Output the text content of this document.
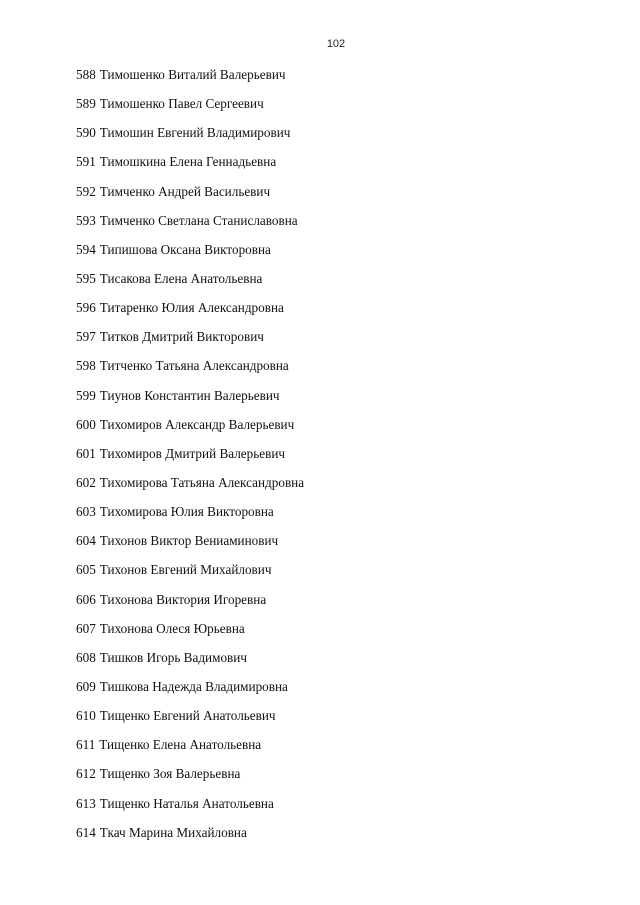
102
588 Тимошенко Виталий Валерьевич
589 Тимошенко Павел Сергеевич
590 Тимошин Евгений Владимирович
591 Тимошкина Елена Геннадьевна
592 Тимченко Андрей Васильевич
593 Тимченко Светлана Станиславовна
594 Типишова Оксана Викторовна
595 Тисакова Елена Анатольевна
596 Титаренко Юлия Александровна
597 Титков Дмитрий Викторович
598 Титченко Татьяна Александровна
599 Тиунов Константин Валерьевич
600 Тихомиров Александр Валерьевич
601 Тихомиров Дмитрий Валерьевич
602 Тихомирова Татьяна Александровна
603 Тихомирова Юлия Викторовна
604 Тихонов Виктор Вениаминович
605 Тихонов Евгений Михайлович
606 Тихонова Виктория Игоревна
607 Тихонова Олеся Юрьевна
608 Тишков Игорь Вадимович
609 Тишкова Надежда Владимировна
610 Тищенко Евгений Анатольевич
611 Тищенко Елена Анатольевна
612 Тищенко Зоя Валерьевна
613 Тищенко Наталья Анатольевна
614 Ткач Марина Михайловна
